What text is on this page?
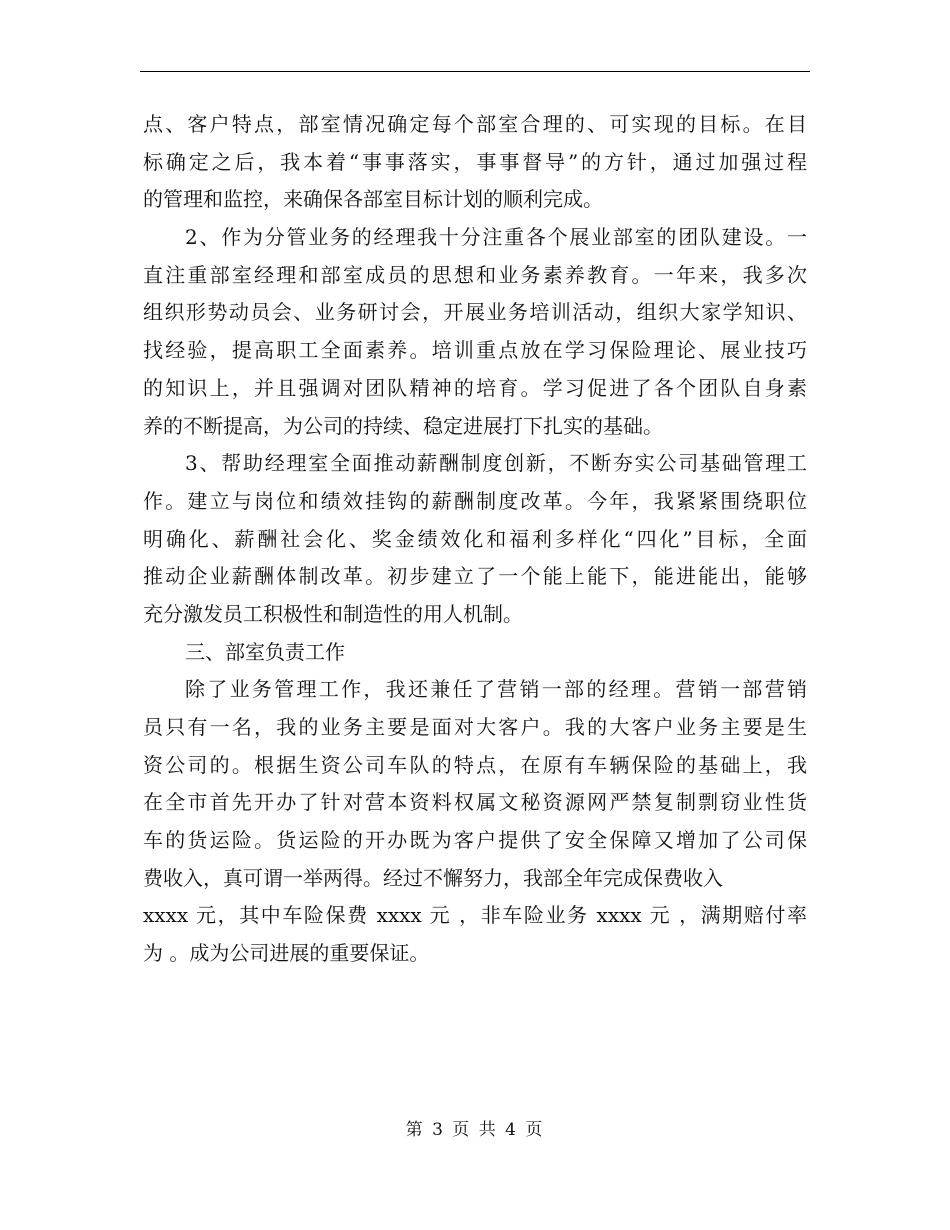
点、客户特点，部室情况确定每个部室合理的、可实现的目标。在目
标确定之后，我本着“事事落实，事事督导”的方针，通过加强过程
的管理和监控，来确保各部室目标计划的顺利完成。
2、作为分管业务的经理我十分注重各个展业部室的团队建设。一
直注重部室经理和部室成员的思想和业务素养教育。一年来，我多次
组织形势动员会、业务研讨会，开展业务培训活动，组织大家学知识、
找经验，提高职工全面素养。培训重点放在学习保险理论、展业技巧
的知识上，并且强调对团队精神的培育。学习促进了各个团队自身素
养的不断提高，为公司的持续、稳定进展打下扎实的基础。
3、帮助经理室全面推动薪酬制度创新，不断夯实公司基础管理工
作。建立与岗位和绩效挂钩的薪酬制度改革。今年，我紧紧围绕职位
明确化、薪酬社会化、奖金绩效化和福利多样化“四化”目标，全面
推动企业薪酬体制改革。初步建立了一个能上能下，能进能出，能够
充分激发员工积极性和制造性的用人机制。
三、部室负责工作
除了业务管理工作，我还兼任了营销一部的经理。营销一部营销
员只有一名，我的业务主要是面对大客户。我的大客户业务主要是生
资公司的。根据生资公司车队的特点，在原有车辆保险的基础上，我
在全市首先开办了针对营本资料权属文秘资源网严禁复制剽窃业性货
车的货运险。货运险的开办既为客户提供了安全保障又增加了公司保
费收入，真可谓一举两得。经过不懈努力，我部全年完成保费收入
xxxx 元，其中车险保费 xxxx 元 ，非车险业务 xxxx 元 ，满期赔付率
为 。成为公司进展的重要保证。
第 3 页 共 4 页
